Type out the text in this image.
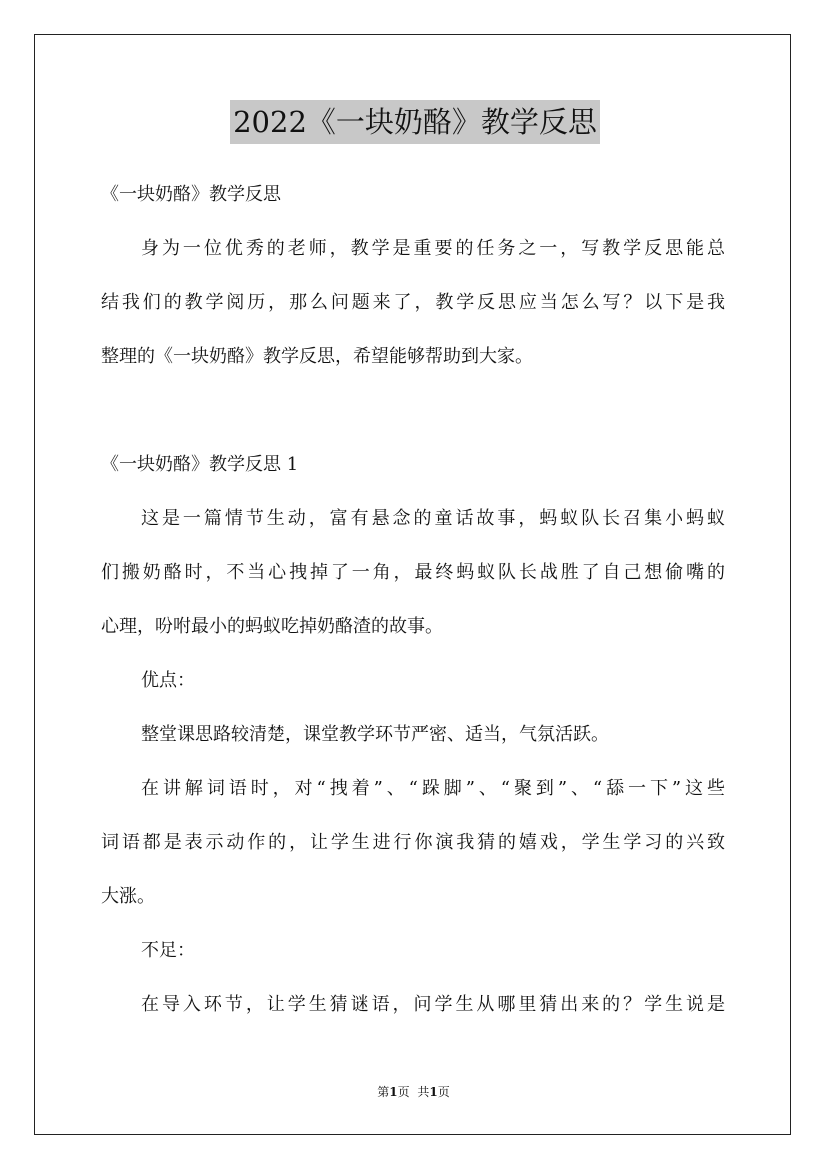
2022《一块奶酪》教学反思
《一块奶酪》教学反思
身为一位优秀的老师，教学是重要的任务之一，写教学反思能总
结我们的教学阅历，那么问题来了，教学反思应当怎么写？以下是我
整理的《一块奶酪》教学反思，希望能够帮助到大家。
《一块奶酪》教学反思 1
这是一篇情节生动，富有悬念的童话故事，蚂蚁队长召集小蚂蚁
们搬奶酪时，不当心拽掉了一角，最终蚂蚁队长战胜了自己想偷嘴的
心理，吩咐最小的蚂蚁吃掉奶酪渣的故事。
优点：
整堂课思路较清楚，课堂教学环节严密、适当，气氛活跃。
在讲解词语时，对“拽着”、“跺脚”、“聚到”、“舔一下”这些
词语都是表示动作的，让学生进行你演我猜的嬉戏，学生学习的兴致
大涨。
不足：
在导入环节，让学生猜谜语，问学生从哪里猜出来的？学生说是
第1页 共1页
